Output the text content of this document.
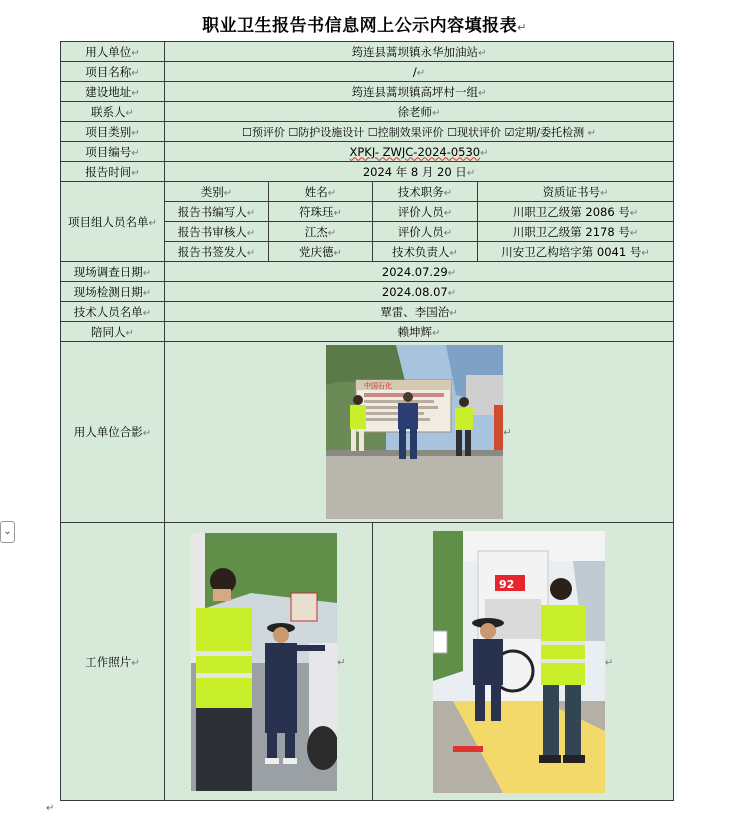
职业卫生报告书信息网上公示内容填报表↵
用人单位↵	筠连县蒿坝镇永华加油站↵			
项目名称↵	/↵			
建设地址↵	筠连县蒿坝镇高坪村一组↵			
联系人↵	徐老师↵			
项目类别↵	☐预评价 ☐防护设施设计 ☐控制效果评价 ☐现状评价 ☑定期/委托检测 ↵			
项目编号↵	XPKJ- ZWJC-2024-0530↵			
报告时间↵	2024 年 8 月 20 日↵			
项目组人员名单↵	类别↵	姓名↵	技术职务↵	资质证书号↵
	报告书编写人↵	符珠珏↵	评价人员↵	川职卫乙级第 2086 号↵
	报告书审核人↵	江杰↵	评价人员↵	川职卫乙级第 2178 号↵
	报告书签发人↵	党庆德↵	技术负责人↵	川安卫乙构培字第 0041 号↵
现场调查日期↵	2024.07.29↵			
现场检测日期↵	2024.08.07↵			
技术人员名单↵	覃雷、李国治↵			
陪同人↵	赖坤辉↵			
用人单位合影↵	中国石化
↵			
工作照片↵	↵		92
↵	
⌄
↵
